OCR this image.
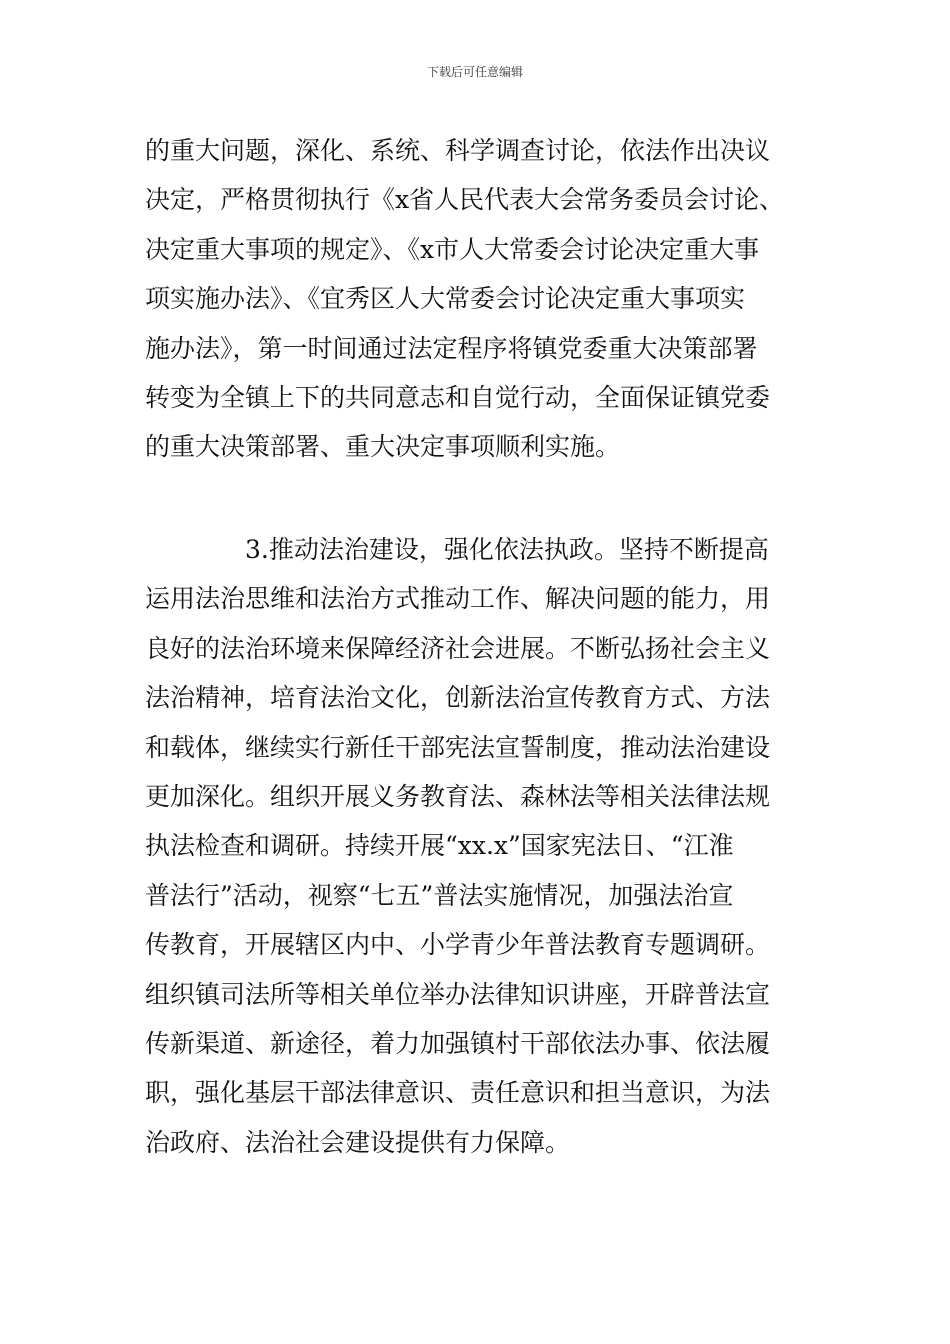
下载后可任意编辑
的重大问题，深化、系统、科学调查讨论，依法作出决议
决定，严格贯彻执行《x省人民代表大会常务委员会讨论、
决定重大事项的规定》、《x市人大常委会讨论决定重大事
项实施办法》、《宜秀区人大常委会讨论决定重大事项实
施办法》，第一时间通过法定程序将镇党委重大决策部署
转变为全镇上下的共同意志和自觉行动，全面保证镇党委
的重大决策部署、重大决定事项顺利实施。
3.推动法治建设，强化依法执政。坚持不断提高
运用法治思维和法治方式推动工作、解决问题的能力，用
良好的法治环境来保障经济社会进展。不断弘扬社会主义
法治精神，培育法治文化，创新法治宣传教育方式、方法
和载体，继续实行新任干部宪法宣誓制度，推动法治建设
更加深化。组织开展义务教育法、森林法等相关法律法规
执法检查和调研。持续开展“xx.x”国家宪法日、“江淮
普法行”活动，视察“七五”普法实施情况，加强法治宣
传教育，开展辖区内中、小学青少年普法教育专题调研。
组织镇司法所等相关单位举办法律知识讲座，开辟普法宣
传新渠道、新途径，着力加强镇村干部依法办事、依法履
职，强化基层干部法律意识、责任意识和担当意识，为法
治政府、法治社会建设提供有力保障。
